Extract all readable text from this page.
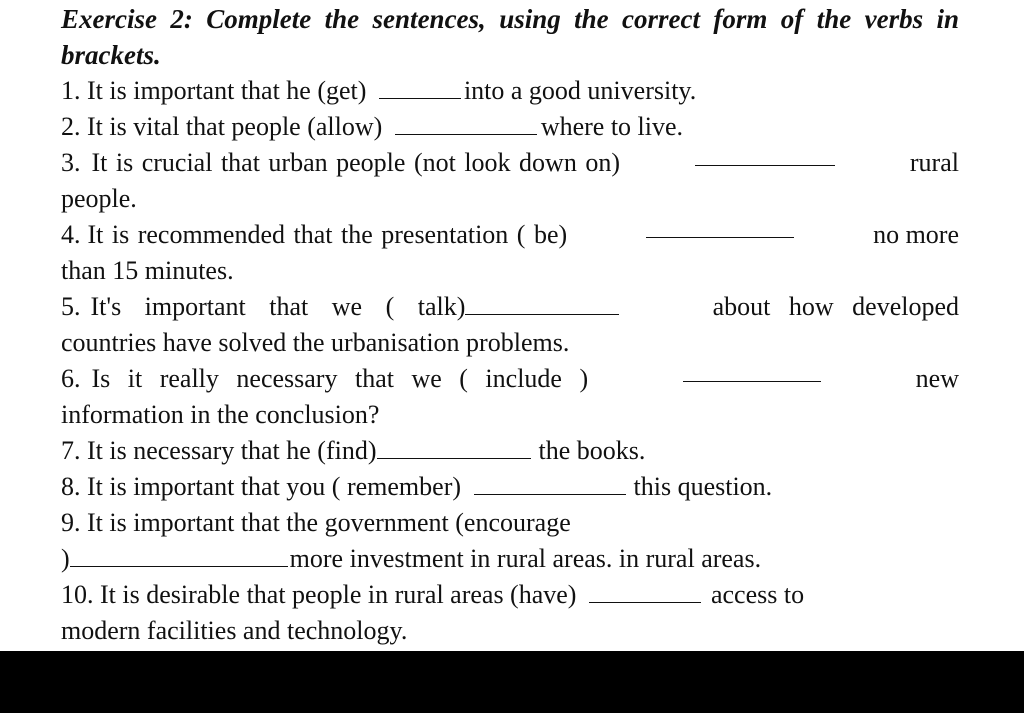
Exercise 2: Complete the sentences, using the correct form of the verbs in brackets.
1. It is important that he (get)	into a good university.
2. It is vital that people (allow)	where to live.
3. It is crucial that urban people (not look down on)	rural
people.
4. It is recommended that the presentation ( be)	no more
than 15 minutes.
5. It's important that we ( talk)	about how developed
countries have solved the urbanisation problems.
6. Is it really necessary that we ( include )	new
information in the conclusion?
7. It is necessary that he (find)	the books.
8. It is important that you ( remember)	this question.
9. It is important that the government (encourage
)	more investment in rural areas. in rural areas.
10. It is desirable that people in rural areas (have)	access to
modern facilities and technology.
